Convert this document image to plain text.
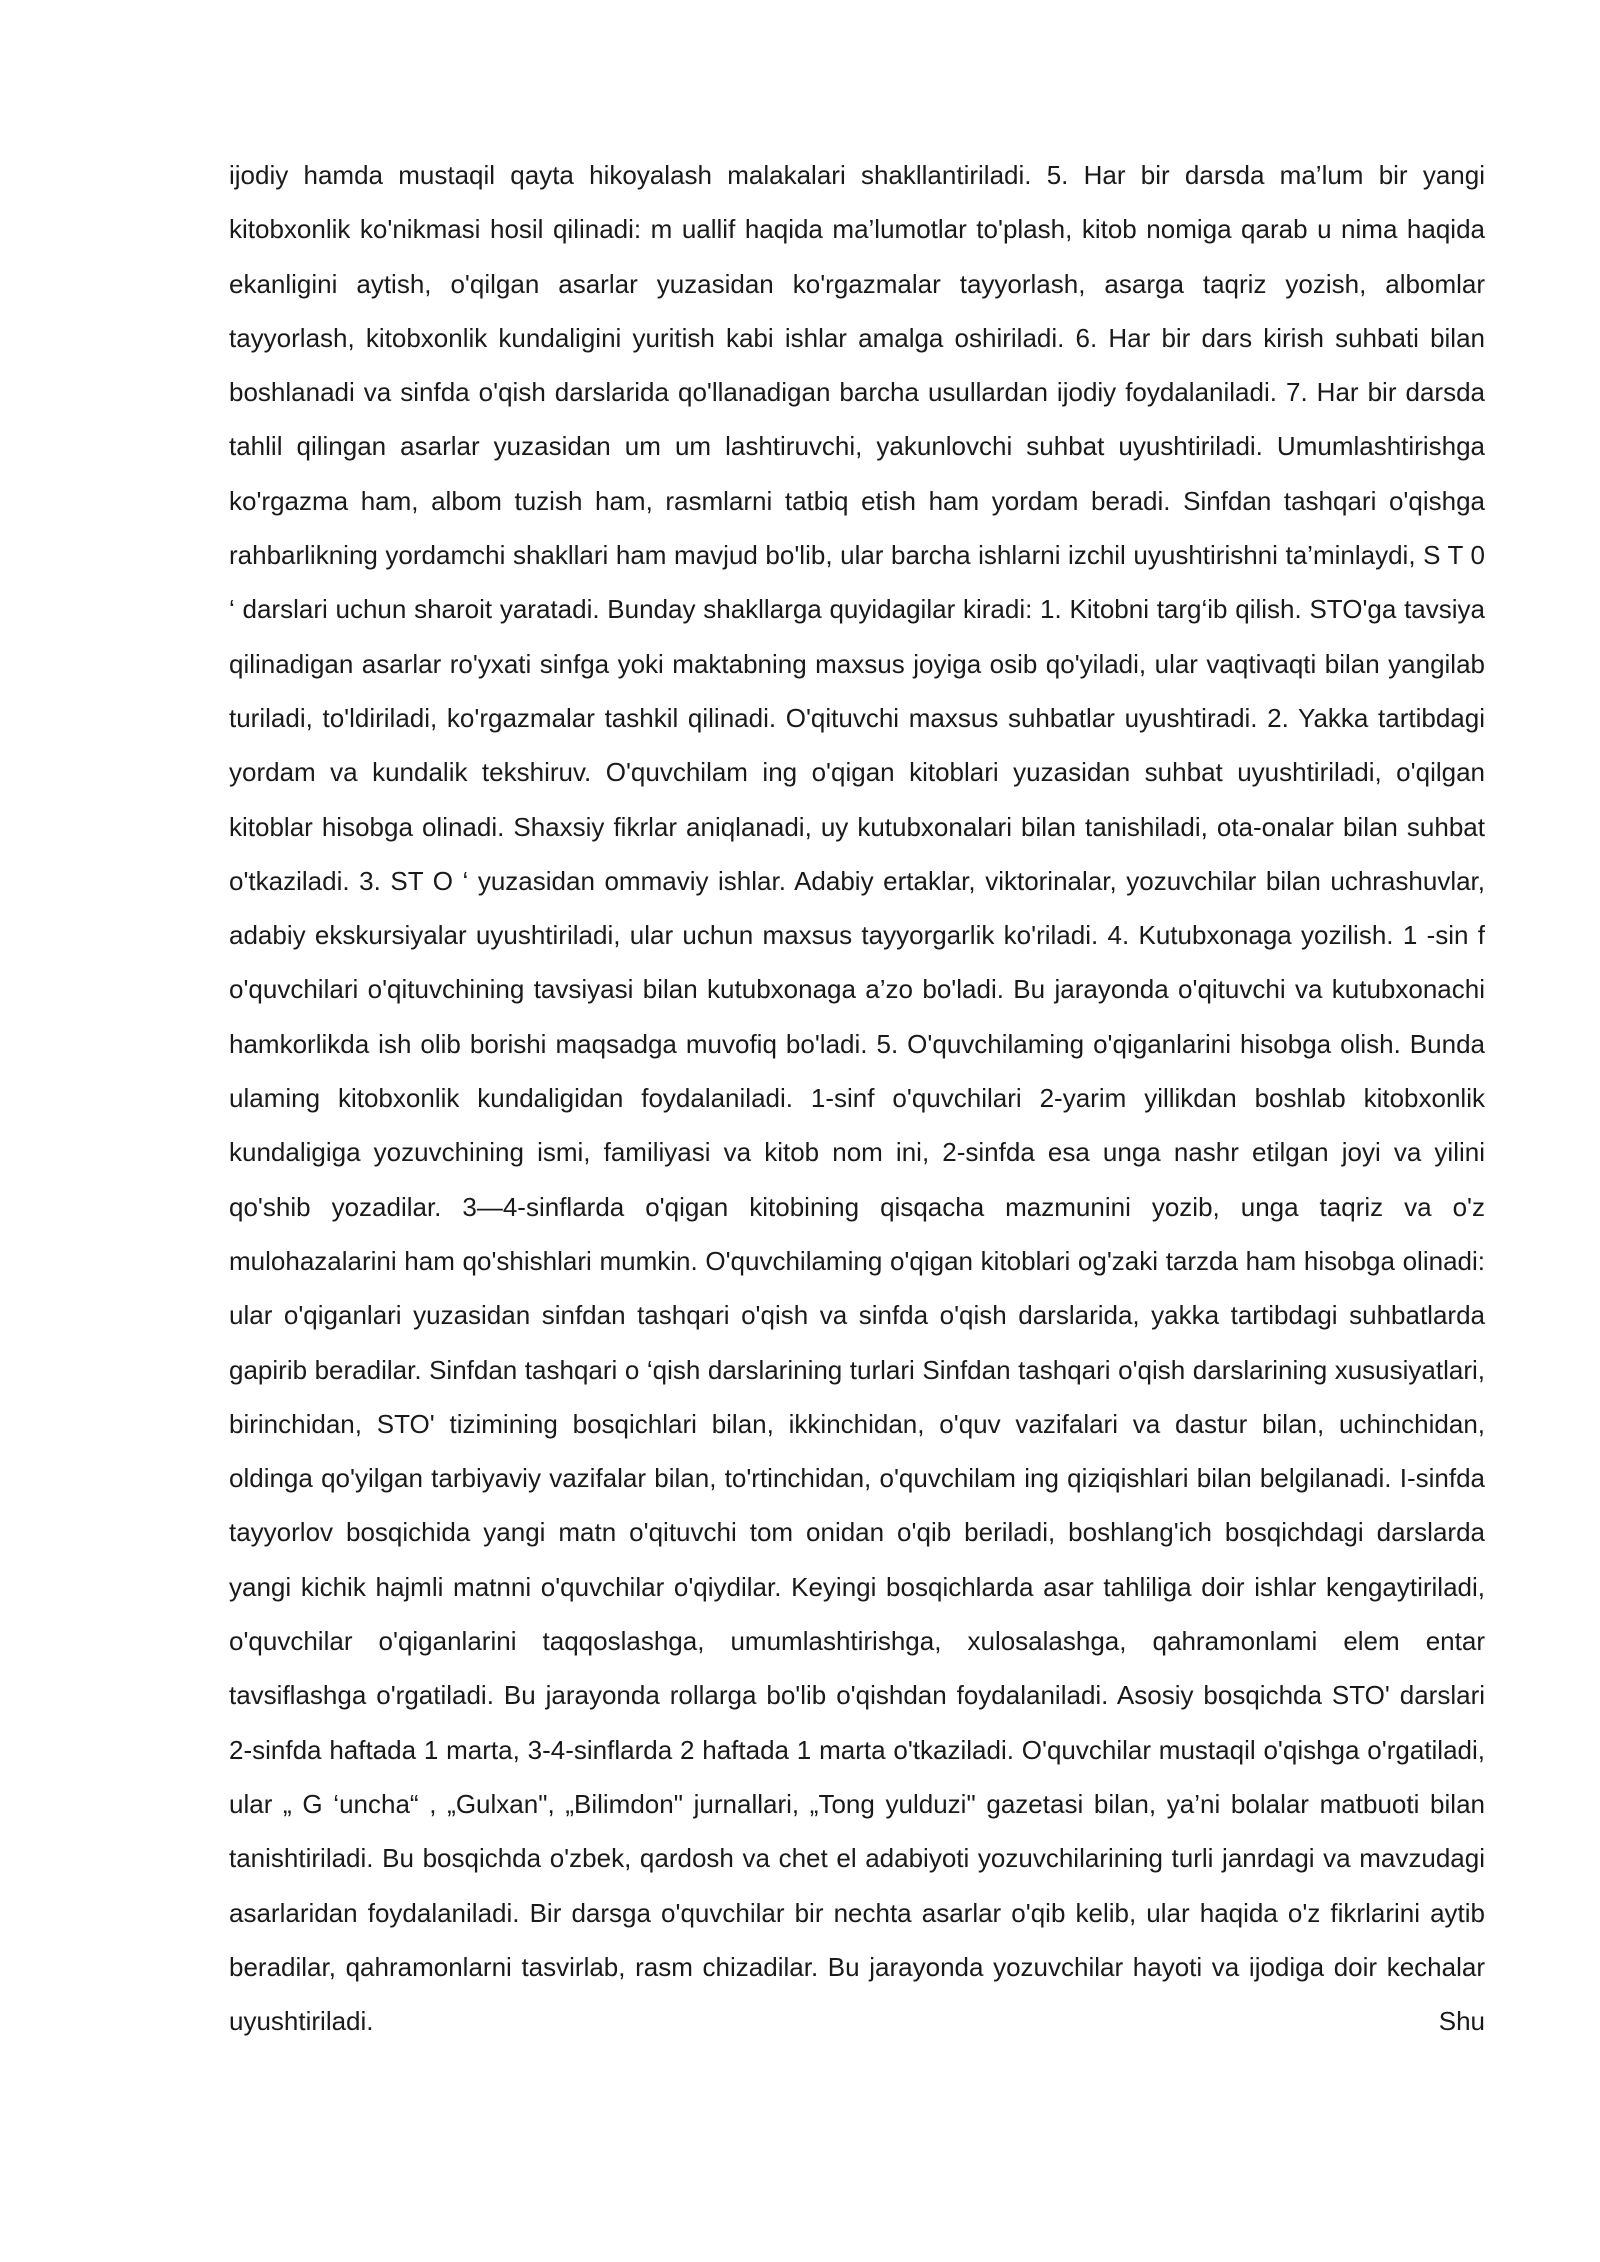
ijodiy hamda mustaqil qayta hikoyalash malakalari shakllantiriladi. 5. Har bir darsda ma’lum bir yangi kitobxonlik ko'nikmasi hosil qilinadi: m uallif haqida ma’lumotlar to'plash, kitob nomiga qarab u nima haqida ekanligini aytish, o'qilgan asarlar yuzasidan ko'rgazmalar tayyorlash, asarga taqriz yozish, albomlar tayyorlash, kitobxonlik kundaligini yuritish kabi ishlar amalga oshiriladi. 6. Har bir dars kirish suhbati bilan boshlanadi va sinfda o'qish darslarida qo'llanadigan barcha usullardan ijodiy foydalaniladi. 7. Har bir darsda tahlil qilingan asarlar yuzasidan um um lashtiruvchi, yakunlovchi suhbat uyushtiriladi. Umumlashtirishga ko'rgazma ham, albom tuzish ham, rasmlarni tatbiq etish ham yordam beradi. Sinfdan tashqari o'qishga rahbarlikning yordamchi shakllari ham mavjud bo'lib, ular barcha ishlarni izchil uyushtirishni ta’minlaydi, S T 0 ‘ darslari uchun sharoit yaratadi. Bunday shakllarga quyidagilar kiradi: 1. Kitobni targ‘ib qilish. STO'ga tavsiya qilinadigan asarlar ro'yxati sinfga yoki maktabning maxsus joyiga osib qo'yiladi, ular vaqtivaqti bilan yangilab turiladi, to'ldiriladi, ko'rgazmalar tashkil qilinadi. O'qituvchi maxsus suhbatlar uyushtiradi. 2. Yakka tartibdagi yordam va kundalik tekshiruv. O'quvchilam ing o'qigan kitoblari yuzasidan suhbat uyushtiriladi, o'qilgan kitoblar hisobga olinadi. Shaxsiy fikrlar aniqlanadi, uy kutubxonalari bilan tanishiladi, ota-onalar bilan suhbat o'tkaziladi. 3. ST O ‘ yuzasidan ommaviy ishlar. Adabiy ertaklar, viktorinalar, yozuvchilar bilan uchrashuvlar, adabiy ekskursiyalar uyushtiriladi, ular uchun maxsus tayyorgarlik ko'riladi. 4. Kutubxonaga yozilish. 1 -sin f o'quvchilari o'qituvchining tavsiyasi bilan kutubxonaga a’zo bo'ladi. Bu jarayonda o'qituvchi va kutubxonachi hamkorlikda ish olib borishi maqsadga muvofiq bo'ladi. 5. O'quvchilaming o'qiganlarini hisobga olish. Bunda ulaming kitobxonlik kundaligidan foydalaniladi. 1-sinf o'quvchilari 2-yarim yillikdan boshlab kitobxonlik kundaligiga yozuvchining ismi, familiyasi va kitob nom ini, 2-sinfda esa unga nashr etilgan joyi va yilini qo'shib yozadilar. 3—4-sinflarda o'qigan kitobining qisqacha mazmunini yozib, unga taqriz va o'z mulohazalarini ham qo'shishlari mumkin. O'quvchilaming o'qigan kitoblari og'zaki tarzda ham hisobga olinadi: ular o'qiganlari yuzasidan sinfdan tashqari o'qish va sinfda o'qish darslarida, yakka tartibdagi suhbatlarda gapirib beradilar. Sinfdan tashqari o ‘qish darslarining turlari Sinfdan tashqari o'qish darslarining xususiyatlari, birinchidan, STO' tizimining bosqichlari bilan, ikkinchidan, o'quv vazifalari va dastur bilan, uchinchidan, oldinga qo'yilgan tarbiyaviy vazifalar bilan, to'rtinchidan, o'quvchilam ing qiziqishlari bilan belgilanadi. I-sinfda tayyorlov bosqichida yangi matn o'qituvchi tom onidan o'qib beriladi, boshlang'ich bosqichdagi darslarda yangi kichik hajmli matnni o'quvchilar o'qiydilar. Keyingi bosqichlarda asar tahliliga doir ishlar kengaytiriladi, o'quvchilar o'qiganlarini taqqoslashga, umumlashtirishga, xulosalashga, qahramonlami elem entar tavsiflashga o'rgatiladi. Bu jarayonda rollarga bo'lib o'qishdan foydalaniladi. Asosiy bosqichda STO' darslari 2-sinfda haftada 1 marta, 3-4-sinflarda 2 haftada 1 marta o'tkaziladi. O'quvchilar mustaqil o'qishga o'rgatiladi, ular „ G ‘uncha“ , „Gulxan", „Bilimdon" jurnallari, „Tong yulduzi" gazetasi bilan, ya’ni bolalar matbuoti bilan tanishtiriladi. Bu bosqichda o'zbek, qardosh va chet el adabiyoti yozuvchilarining turli janrdagi va mavzudagi asarlaridan foydalaniladi. Bir darsga o'quvchilar bir nechta asarlar o'qib kelib, ular haqida o'z fikrlarini aytib beradilar, qahramonlarni tasvirlab, rasm chizadilar. Bu jarayonda yozuvchilar hayoti va ijodiga doir kechalar uyushtiriladi. Shu
